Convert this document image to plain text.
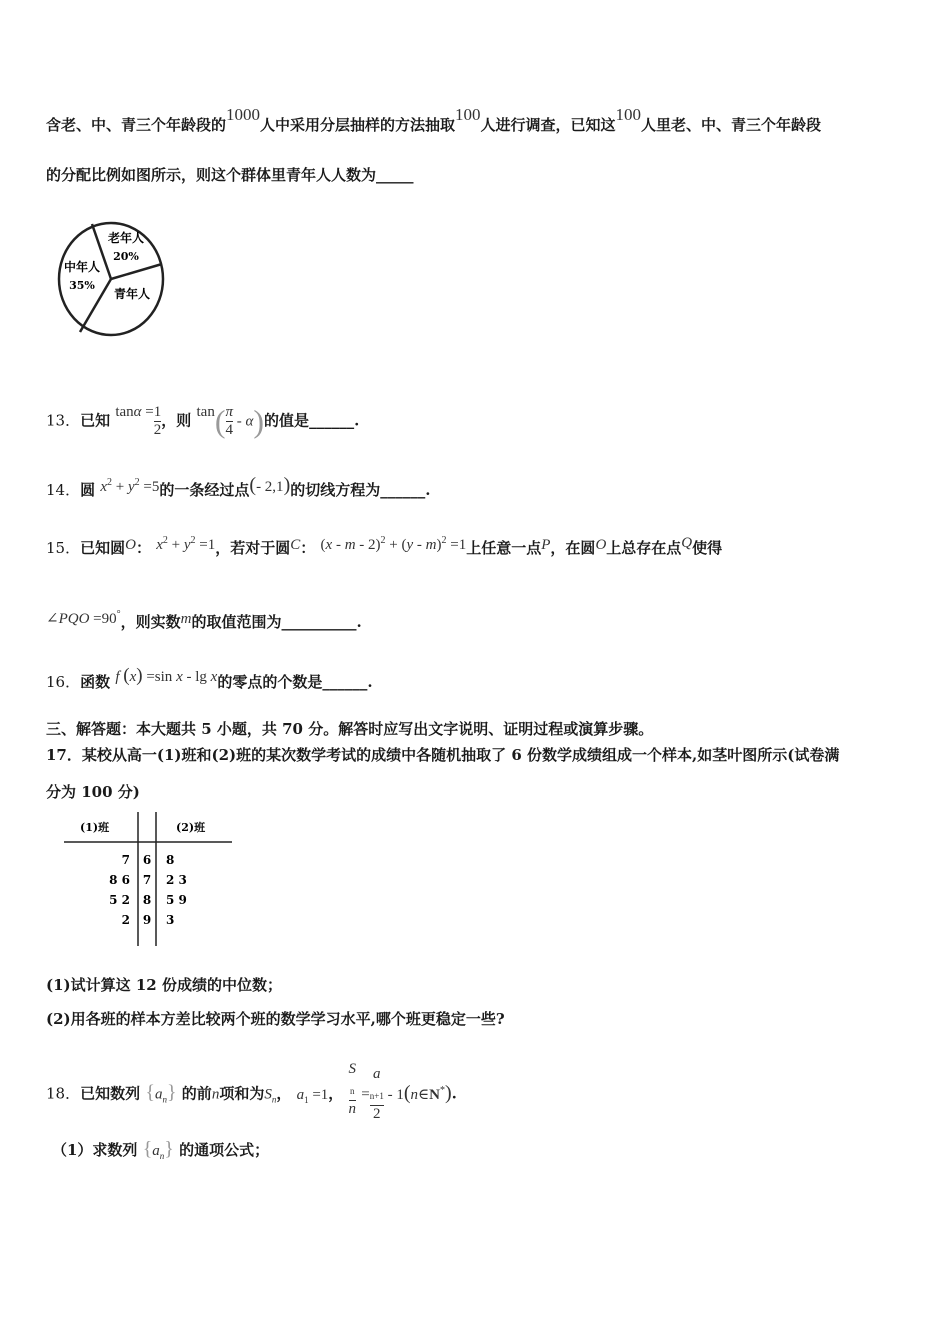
含老、中、青三个年龄段的1000人中采用分层抽样的方法抽取100人进行调查，已知这100人里老、中、青三个年龄段
的分配比例如图所示，则这个群体里青年人人数为_____
老年人
20%
中年人
35%
青年人
13．已知 $\tan\alpha = \frac{1}{2}$ ，则 $\tan( \frac{\pi}{4} - \alpha)$的值是______.
14．圆 $x^2 + y^2 =5$的一条经过点(- 2,1)的切线方程为______.
15．已知圆O： $x^2 + y^2 =1$，若对于圆C： (x - m - 2)$^2$ + (y - m)$^2$ =1上任意一点P，在圆O上总存在点Q使得
∠PQO =90°，则实数m的取值范围为__________.
16．函数 f (x) =sin x - lg x的零点的个数是______.
三、解答题：本大题共 5 小题，共 70 分。解答时应写出文字说明、证明过程或演算步骤。
17．某校从高一(1)班和(2)班的某次数学考试的成绩中各随机抽取了 6 份数学成绩组成一个样本,如茎叶图所示(试卷满
分为 100 分)
(1)班	(2)班
7 6 8
8 6 7 2 3
5 2 8 5 9
2 9 3
(1)试计算这 12 份成绩的中位数；
(2)用各班的样本方差比较两个班的数学学习水平,哪个班更稳定一些?
18．已知数列 $\{a_n\}$ 的前n项和为$S_n$， $a_1 =1$， S
$_n$
n = a
$_{n+1}$
2 - 1(n∈N*).
（1）求数列 $\{a_n\}$ 的通项公式；
